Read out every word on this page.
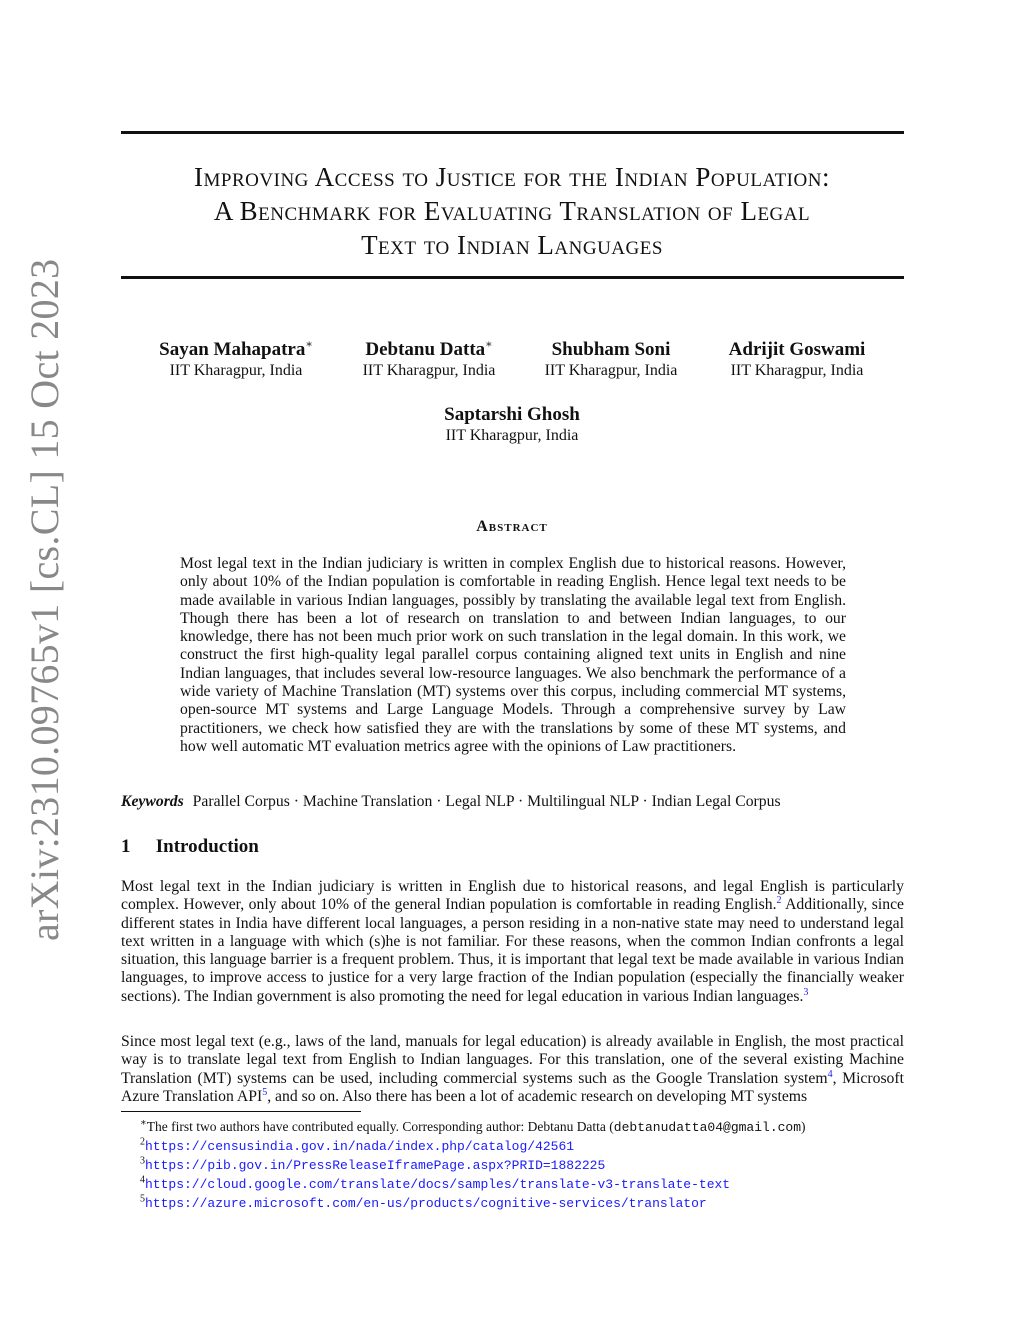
arXiv:2310.09765v1 [cs.CL] 15 Oct 2023
Improving Access to Justice for the Indian Population:
A Benchmark for Evaluating Translation of Legal
Text to Indian Languages
Sayan Mahapatra∗
IIT Kharagpur, India
Debtanu Datta∗
IIT Kharagpur, India
Shubham Soni
IIT Kharagpur, India
Adrijit Goswami
IIT Kharagpur, India
Saptarshi Ghosh
IIT Kharagpur, India
Abstract
Most legal text in the Indian judiciary is written in complex English due to historical reasons. However, only about 10% of the Indian population is comfortable in reading English. Hence legal text needs to be made available in various Indian languages, possibly by translating the available legal text from English. Though there has been a lot of research on translation to and between Indian languages, to our knowledge, there has not been much prior work on such translation in the legal domain. In this work, we construct the first high-quality legal parallel corpus containing aligned text units in English and nine Indian languages, that includes several low-resource languages. We also benchmark the performance of a wide variety of Machine Translation (MT) systems over this corpus, including commercial MT systems, open-source MT systems and Large Language Models. Through a comprehensive survey by Law practitioners, we check how satisfied they are with the translations by some of these MT systems, and how well automatic MT evaluation metrics agree with the opinions of Law practitioners.
Keywords Parallel Corpus · Machine Translation · Legal NLP · Multilingual NLP · Indian Legal Corpus
1 Introduction
Most legal text in the Indian judiciary is written in English due to historical reasons, and legal English is particularly complex. However, only about 10% of the general Indian population is comfortable in reading English.$^2$ Additionally, since different states in India have different local languages, a person residing in a non-native state may need to understand legal text written in a language with which (s)he is not familiar. For these reasons, when the common Indian confronts a legal situation, this language barrier is a frequent problem. Thus, it is important that legal text be made available in various Indian languages, to improve access to justice for a very large fraction of the Indian population (especially the financially weaker sections). The Indian government is also promoting the need for legal education in various Indian languages.$^3$
Since most legal text (e.g., laws of the land, manuals for legal education) is already available in English, the most practical way is to translate legal text from English to Indian languages. For this translation, one of the several existing Machine Translation (MT) systems can be used, including commercial systems such as the Google Translation system$^4$, Microsoft Azure Translation API$^5$, and so on. Also there has been a lot of academic research on developing MT systems
∗The first two authors have contributed equally. Corresponding author: Debtanu Datta (debtanudatta04@gmail.com)
$^2$https://censusindia.gov.in/nada/index.php/catalog/42561
$^3$https://pib.gov.in/PressReleaseIframePage.aspx?PRID=1882225
$^4$https://cloud.google.com/translate/docs/samples/translate-v3-translate-text
$^5$https://azure.microsoft.com/en-us/products/cognitive-services/translator
